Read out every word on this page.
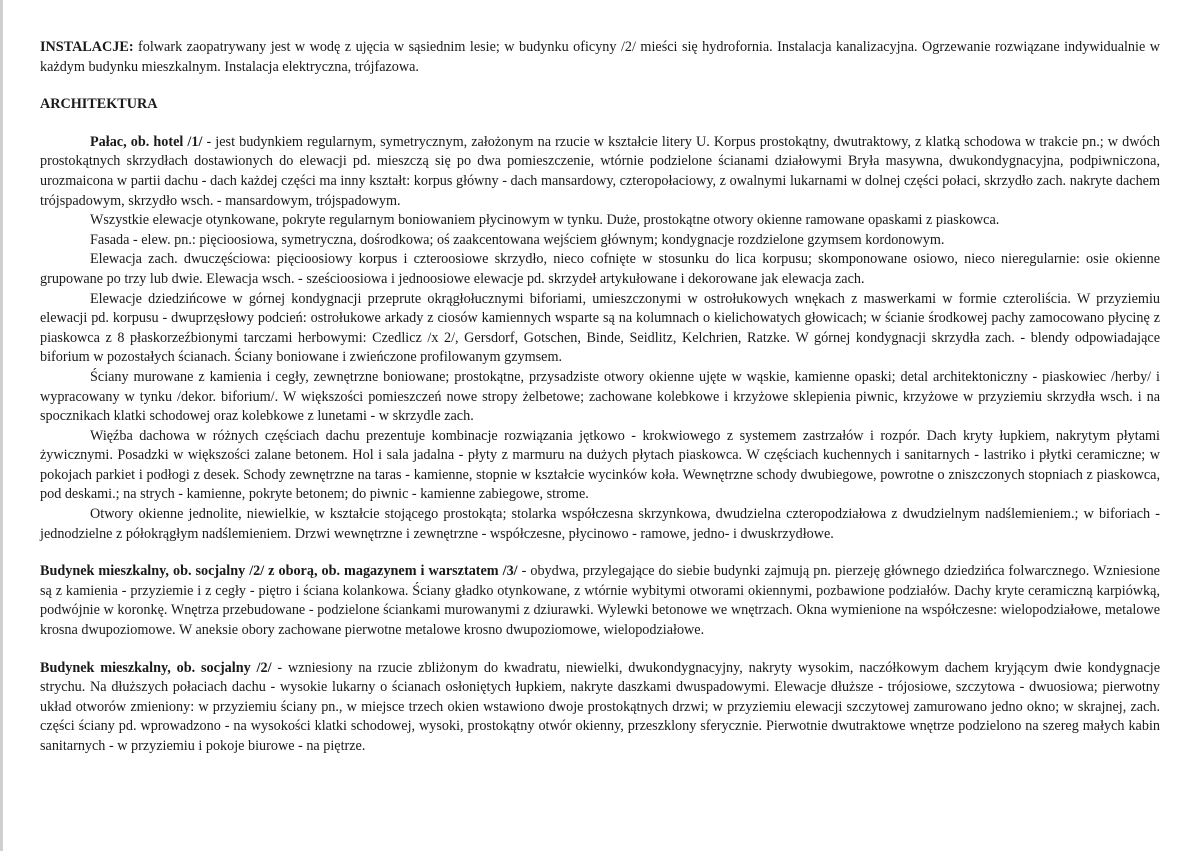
INSTALACJE: folwark zaopatrywany jest w wodę z ujęcia w sąsiednim lesie; w budynku oficyny /2/ mieści się hydrofornia. Instalacja kanalizacyjna. Ogrzewanie rozwiązane indywidualnie w każdym budynku mieszkalnym. Instalacja elektryczna, trójfazowa.

ARCHITEKTURA

Pałac, ob. hotel /1/ - jest budynkiem regularnym, symetrycznym, założonym na rzucie w kształcie litery U. Korpus prostokątny, dwutraktowy, z klatką schodowa w trakcie pn.; w dwóch prostokątnych skrzydłach dostawionych do elewacji pd. mieszczą się po dwa pomieszczenie, wtórnie podzielone ścianami działowymi Bryła masywna, dwukondygnacyjna, podpiwniczona, urozmaicona w partii dachu - dach każdej części ma inny kształt: korpus główny - dach mansardowy, czteropołaciowy, z owalnymi lukarnami w dolnej części połaci, skrzydło zach. nakryte dachem trójspadowym, skrzydło wsch. - mansardowym, trójspadowym.

Wszystkie elewacje otynkowane, pokryte regularnym boniowaniem płycinowym w tynku. Duże, prostokątne otwory okienne ramowane opaskami z piaskowca.

Fasada - elew. pn.: pięcioosiowa, symetryczna, dośrodkowa; oś zaakcentowana wejściem głównym; kondygnacje rozdzielone gzymsem kordonowym.

Elewacja zach. dwuczęściowa: pięcioosiowy korpus i czteroosiowe skrzydło, nieco cofnięte w stosunku do lica korpusu; skomponowane osiowo, nieco nieregularnie: osie okienne grupowane po trzy lub dwie. Elewacja wsch. - sześcioosiowa i jednoosiowe elewacje pd. skrzydeł artykułowane i dekorowane jak elewacja zach.

Elewacje dziedzińcowe w górnej kondygnacji przeprute okrągłołucznymi biforiami, umieszczonymi w ostrołukowych wnękach z maswerkami w formie czteroliścia. W przyziemiu elewacji pd. korpusu - dwuprzęsłowy podcień: ostrołukowe arkady z ciosów kamiennych wsparte są na kolumnach o kielichowatych głowicach; w ścianie środkowej pachy zamocowano płycinę z piaskowca z 8 płaskorzeźbionymi tarczami herbowymi: Czedlicz /x 2/, Gersdorf, Gotschen, Binde, Seidlitz, Kelchrien, Ratzke. W górnej kondygnacji skrzydła zach. - blendy odpowiadające biforium w pozostałych ścianach. Ściany boniowane i zwieńczone profilowanym gzymsem.

Ściany murowane z kamienia i cegły, zewnętrzne boniowane; prostokątne, przysadziste otwory okienne ujęte w wąskie, kamienne opaski; detal architektoniczny - piaskowiec /herby/ i wypracowany w tynku /dekor. biforium/. W większości pomieszczeń nowe stropy żelbetowe; zachowane kolebkowe i krzyżowe sklepienia piwnic, krzyżowe w przyziemiu skrzydła wsch. i na spocznikach klatki schodowej oraz kolebkowe z lunetami - w skrzydle zach.

Więźba dachowa w różnych częściach dachu prezentuje kombinacje rozwiązania jętkowo - krokwiowego z systemem zastrzałów i rozpór. Dach kryty łupkiem, nakrytym płytami żywicznymi. Posadzki w większości zalane betonem. Hol i sala jadalna - płyty z marmuru na dużych płytach piaskowca. W częściach kuchennych i sanitarnych - lastriko i płytki ceramiczne; w pokojach parkiet i podłogi z desek. Schody zewnętrzne na taras - kamienne, stopnie w kształcie wycinków koła. Wewnętrzne schody dwubiegowe, powrotne o zniszczonych stopniach z piaskowca, pod deskami.; na strych - kamienne, pokryte betonem; do piwnic - kamienne zabiegowe, strome.

Otwory okienne jednolite, niewielkie, w kształcie stojącego prostokąta; stolarka współczesna skrzynkowa, dwudzielna czteropodziałowa z dwudzielnym nadślemieniem.; w biforiach - jednodzielne z półokrągłym nadślemieniem. Drzwi wewnętrzne i zewnętrzne - współczesne, płycinowo - ramowe, jedno- i dwuskrzydłowe.

Budynek mieszkalny, ob. socjalny /2/ z oborą, ob. magazynem i warsztatem /3/ - obydwa, przylegające do siebie budynki zajmują pn. pierzeję głównego dziedzińca folwarcznego. Wzniesione są z kamienia - przyziemie i z cegły - piętro i ściana kolankowa. Ściany gładko otynkowane, z wtórnie wybitymi otworami okiennymi, pozbawione podziałów. Dachy kryte ceramiczną karpiówką, podwójnie w koronkę. Wnętrza przebudowane - podzielone ściankami murowanymi z dziurawki. Wylewki betonowe we wnętrzach. Okna wymienione na współczesne: wielopodziałowe, metalowe krosna dwupoziomowe. W aneksie obory zachowane pierwotne metalowe krosno dwupoziomowe, wielopodziałowe.

Budynek mieszkalny, ob. socjalny /2/ - wzniesiony na rzucie zbliżonym do kwadratu, niewielki, dwukondygnacyjny, nakryty wysokim, naczółkowym dachem kryjącym dwie kondygnacje strychu. Na dłuższych połaciach dachu - wysokie lukarny o ścianach osłoniętych łupkiem, nakryte daszkami dwuspadowymi. Elewacje dłuższe - trójosiowe, szczytowa - dwuosiowa; pierwotny układ otworów zmieniony: w przyziemiu ściany pn., w miejsce trzech okien wstawiono dwoje prostokątnych drzwi; w przyziemiu elewacji szczytowej zamurowano jedno okno; w skrajnej, zach. części ściany pd. wprowadzono - na wysokości klatki schodowej, wysoki, prostokątny otwór okienny, przeszklony sferycznie. Pierwotnie dwutraktowe wnętrze podzielono na szereg małych kabin sanitarnych - w przyziemiu i pokoje biurowe - na piętrze.
